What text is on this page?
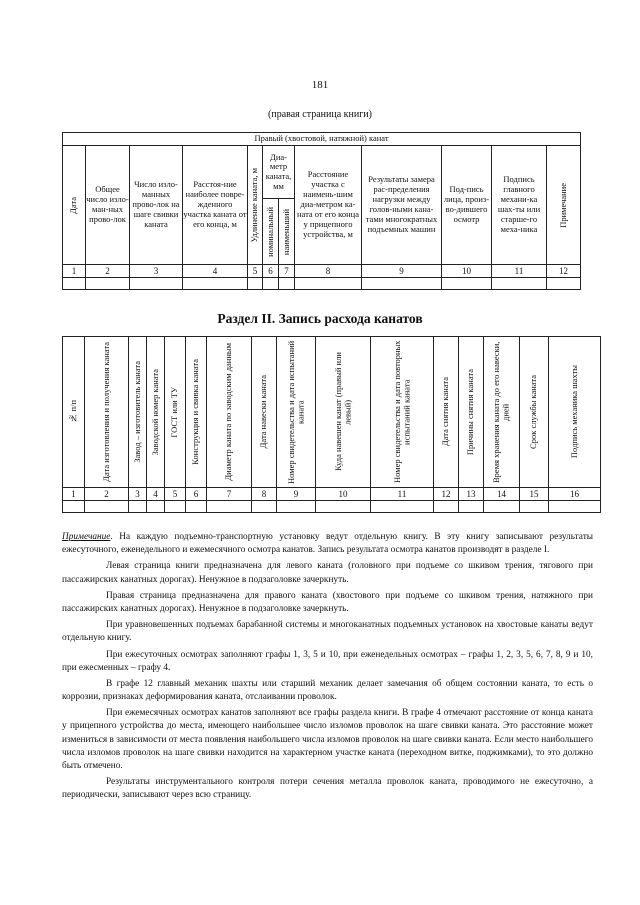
181
(правая страница книги)
Правый (хвостовой, натяжной) канат											

Дата	Общее число изло-ман-ных прово-лок	Число изло-манных прово-лок на шаге свивки каната	Расстоя-ние наиболее повре-жденного участка каната от его конца, м	Удлинение каната, м	Диа-метр каната, мм		Расстояние участка с наимень-шим диа-метром ка-ната от его конца у прицепного устройства, м	Результаты замера рас-пределения нагрузки между голов-ными кана-тами многократных подъемных машин	Под-пись лица, произ-во-дившего осмотр	Подпись главного механи-ка шах-ты или старше-го меха-ника	Примечание

					номинальный	наименьший					

1	2	3	4	5	6	7	8	9	10	11	12

Раздел II. Запись расхода канатов
№ п/п	Дата изготовления и получения каната	Завод – изготовитель каната	Заводской номер каната	ГОСТ или ТУ	Конструкция и свивка каната	Диаметр каната по заводским данным	Дата навески каната	Номер свидетельства и дата испытаний каната	Куда навешен канат (правый или левый)	Номер свидетельства и дата повторных испытаний каната	Дата снятия каната	Причины снятия каната	Время хранения каната до его навески, дней	Срок службы каната	Подпись механика шахты

1	2	3	4	5	6	7	8	9	10	11	12	13	14	15	16

Примечание. На каждую подъемно-транспортную установку ведут отдельную книгу. В эту книгу записывают результаты ежесуточного, еженедельного и ежемесячного осмотра канатов. Запись результата осмотра канатов производят в разделе I.

Левая страница книги предназначена для левого каната (головного при подъеме со шкивом трения, тягового при пассажирских канатных дорогах). Ненужное в подзаголовке зачеркнуть.

Правая страница предназначена для правого каната (хвостового при подъеме со шкивом трения, натяжного при пассажирских канатных дорогах). Ненужное в подзаголовке зачеркнуть.

При уравновешенных подъемах барабанной системы и многоканатных подъемных установок на хвостовые канаты ведут отдельную книгу.

При ежесуточных осмотрах заполняют графы 1, 3, 5 и 10, при еженедельных осмотрах – графы 1, 2, 3, 5, 6, 7, 8, 9 и 10, при ежесменных – графу 4.

В графе 12 главный механик шахты или старший механик делает замечания об общем состоянии каната, то есть о коррозии, признаках деформирования каната, отслаивании проволок.

При ежемесячных осмотрах канатов заполняют все графы раздела книги. В графе 4 отмечают расстояние от конца каната у прицепного устройства до места, имеющего наибольшее число изломов проволок на шаге свивки каната. Это расстояние может измениться в зависимости от места появления наибольшего числа изломов проволок на шаге свивки каната. Если место наибольшего числа изломов проволок на шаге свивки находится на характерном участке каната (переходном витке, поджимками), то это должно быть отмечено.

Результаты инструментального контроля потери сечения металла проволок каната, проводимого не ежесуточно, а периодически, записывают через всю страницу.
